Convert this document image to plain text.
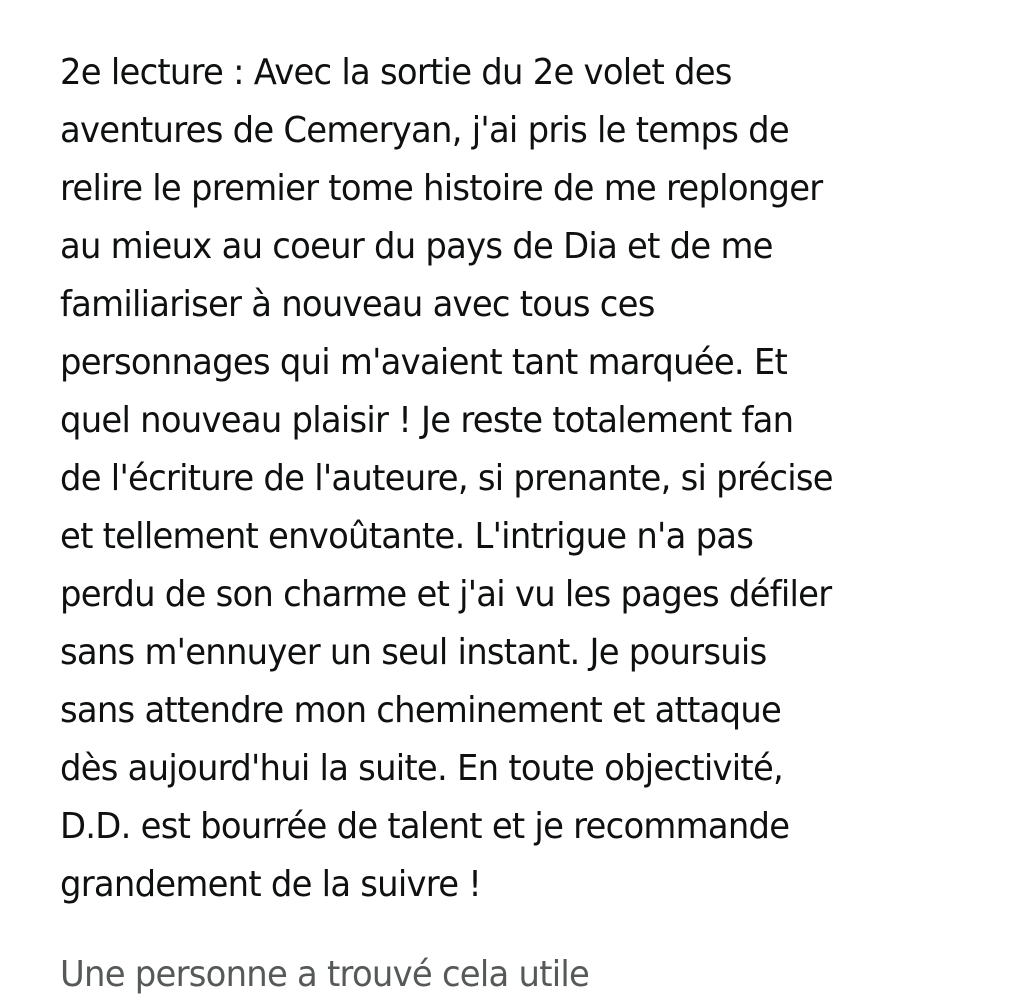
2e lecture : Avec la sortie du 2e volet des
aventures de Cemeryan, j'ai pris le temps de
relire le premier tome histoire de me replonger
au mieux au coeur du pays de Dia et de me
familiariser à nouveau avec tous ces
personnages qui m'avaient tant marquée. Et
quel nouveau plaisir ! Je reste totalement fan
de l'écriture de l'auteure, si prenante, si précise
et tellement envoûtante. L'intrigue n'a pas
perdu de son charme et j'ai vu les pages défiler
sans m'ennuyer un seul instant. Je poursuis
sans attendre mon cheminement et attaque
dès aujourd'hui la suite. En toute objectivité,
D.D. est bourrée de talent et je recommande
grandement de la suivre !

Une personne a trouvé cela utile
